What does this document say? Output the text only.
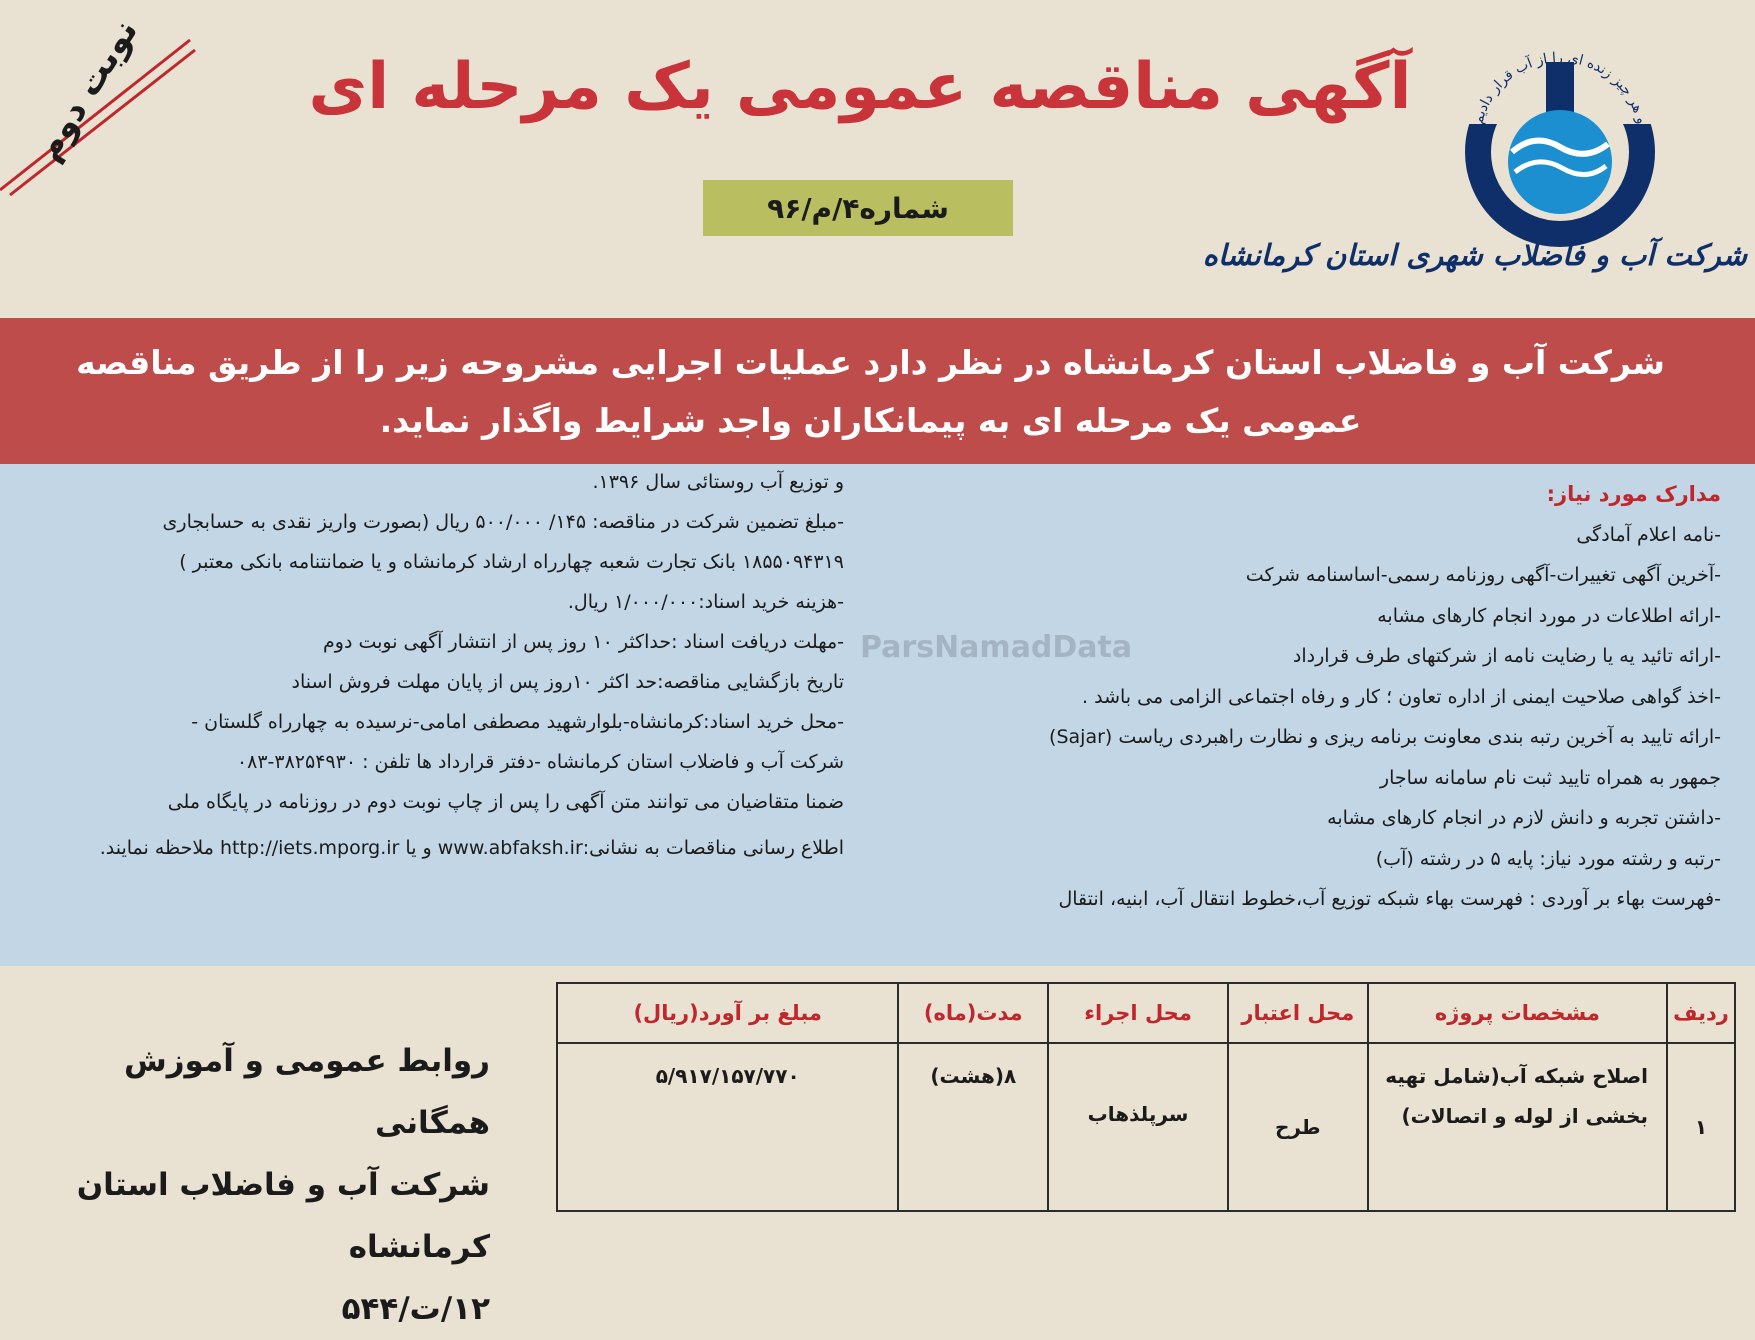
و هر چیز زنده ای را از آب قرار دادیم
شرکت آب و فاضلاب شهری استان کرمانشاه
آگهی مناقصه عمومی یک مرحله ای
شماره۴/م/۹۶
نوبت دوم
شرکت آب و فاضلاب استان کرمانشاه در نظر دارد عملیات اجرایی مشروحه زیر را از طریق مناقصه عمومی یک مرحله ای به پیمانکاران واجد شرایط واگذار نماید.
مدارک مورد نیاز:
-نامه اعلام آمادگی
-آخرین آگهی تغییرات-آگهی روزنامه رسمی-اساسنامه شرکت
-ارائه اطلاعات در مورد انجام کارهای مشابه
-ارائه تائید یه یا رضایت نامه از شرکتهای طرف قرارداد
-اخذ گواهی صلاحیت ایمنی از اداره تعاون ؛ کار و رفاه اجتماعی الزامی می باشد .
-ارائه تایید به آخرین رتبه بندی معاونت برنامه ریزی و نظارت راهبردی ریاست (Sajar)
جمهور به همراه تایید ثبت نام سامانه ساجار
-داشتن تجربه و دانش لازم در انجام کارهای مشابه
-رتبه و رشته مورد نیاز: پایه ۵ در رشته (آب)
-فهرست بهاء بر آوردی : فهرست بهاء شبکه توزیع آب،خطوط انتقال آب، ابنیه، انتقال
و توزیع آب روستائی سال ۱۳۹۶.
-مبلغ تضمین شرکت در مناقصه: ۱۴۵/ ۵۰۰/۰۰۰ ریال (بصورت واریز نقدی به حسابجاری
۱۸۵۵۰۹۴۳۱۹ بانک تجارت شعبه چهارراه ارشاد کرمانشاه و یا ضمانتنامه بانکی معتبر )
-هزینه خرید اسناد:۱/۰۰۰/۰۰۰ ریال.
-مهلت دریافت اسناد :حداکثر ۱۰ روز پس از انتشار آگهی نوبت دوم
تاریخ بازگشایی مناقصه:حد اکثر ۱۰روز پس از پایان مهلت فروش اسناد
-محل خرید اسناد:کرمانشاه-بلوارشهید مصطفی امامی-نرسیده به چهارراه گلستان -
شرکت آب و فاضلاب استان کرمانشاه -دفتر قرارداد ها تلفن : ۳۸۲۵۴۹۳۰-۰۸۳
ضمنا متقاضیان می توانند متن آگهی را پس از چاپ نوبت دوم در روزنامه در پایگاه ملی
اطلاع رسانی مناقصات به نشانی:www.abfaksh.ir و یا http://iets.mporg.ir ملاحظه نمایند.
ParsNamadData
ردیف	مشخصات پروژه	محل اعتبار	محل اجراء	مدت(ماه)	مبلغ بر آورد(ریال)
۱	اصلاح شبکه آب(شامل تهیه بخشی از لوله و اتصالات)	طرح	سرپلذهاب	۸(هشت)	۵/۹۱۷/۱۵۷/۷۷۰
روابط عمومی و آموزش همگانی
شرکت آب و فاضلاب استان کرمانشاه
۱۲/ت/۵۴۴
